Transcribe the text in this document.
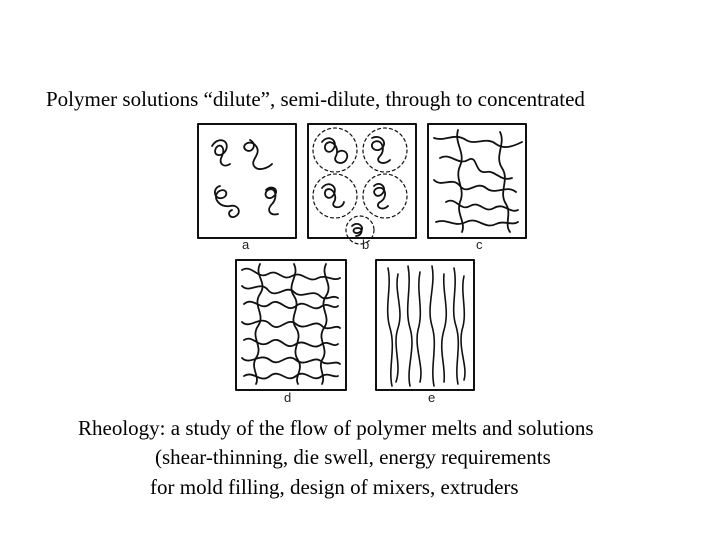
Polymer solutions “dilute”, semi-dilute, through to concentrated
a	b	c
d	e
Rheology: a study of the flow of polymer melts and solutions
(shear-thinning, die swell, energy requirements
for mold filling, design of mixers, extruders
